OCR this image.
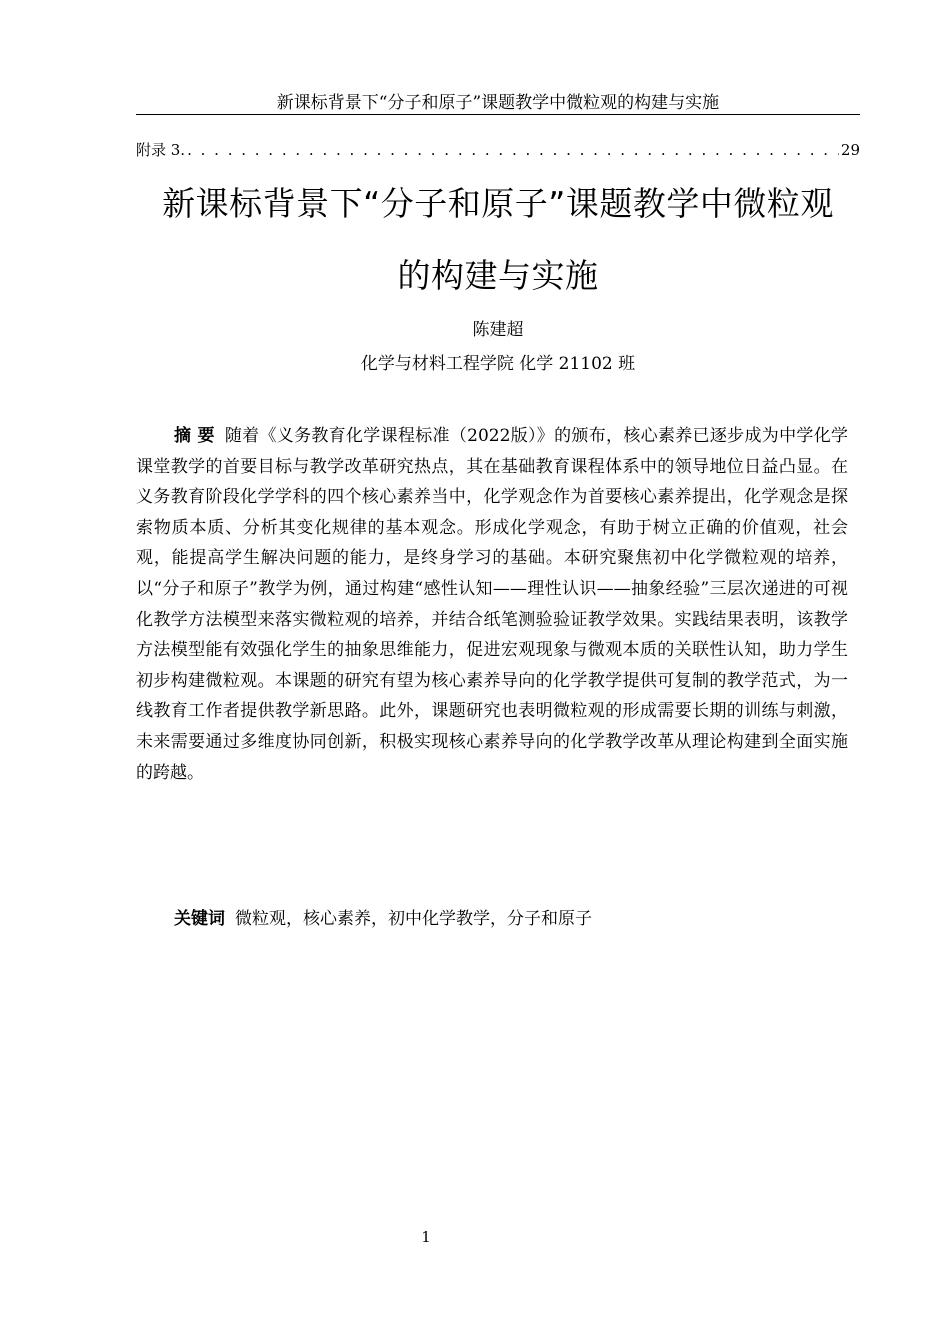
新课标背景下“分子和原子”课题教学中微粒观的构建与实施
附录 3.
. . .	29
新课标背景下“分子和原子”课题教学中微粒观
的构建与实施
陈建超
化学与材料工程学院 化学 21102 班

摘 要 随着《义务教育化学课程标准（2022版）》的颁布，核心素养已逐步成为中学化学课堂教学的首要目标与教学改革研究热点，其在基础教育课程体系中的领导地位日益凸显。在义务教育阶段化学学科的四个核心素养当中，化学观念作为首要核心素养提出，化学观念是探索物质本质、分析其变化规律的基本观念。形成化学观念，有助于树立正确的价值观，社会观，能提高学生解决问题的能力，是终身学习的基础。本研究聚焦初中化学微粒观的培养，以“分子和原子”教学为例，通过构建“感性认知——理性认识——抽象经验”三层次递进的可视化教学方法模型来落实微粒观的培养，并结合纸笔测验验证教学效果。实践结果表明，该教学方法模型能有效强化学生的抽象思维能力，促进宏观现象与微观本质的关联性认知，助力学生初步构建微粒观。本课题的研究有望为核心素养导向的化学教学提供可复制的教学范式，为一线教育工作者提供教学新思路。此外，课题研究也表明微粒观的形成需要长期的训练与刺激，未来需要通过多维度协同创新，积极实现核心素养导向的化学教学改革从理论构建到全面实施的跨越。

关键词 微粒观，核心素养，初中化学教学，分子和原子

1
